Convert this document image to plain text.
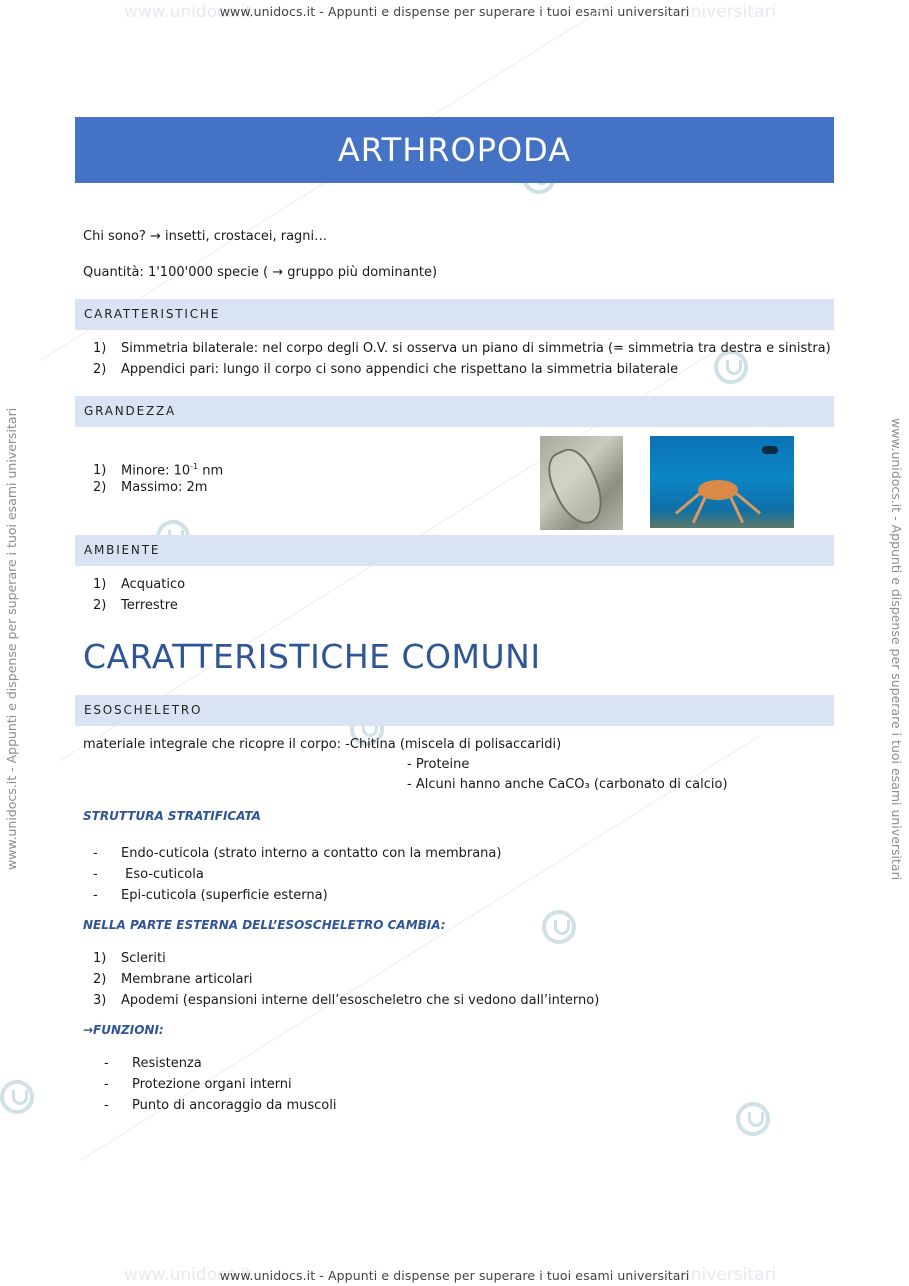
www.unidocs.it	universitari
www.unidocs.it - Appunti e dispense per superare i tuoi esami universitari
www.unidocs.it	universitari
www.unidocs.it - Appunti e dispense per superare i tuoi esami universitari
www.unidocs.it - Appunti e dispense per superare i tuoi esami universitari	www.unidocs.it - Appunti e dispense per superare i tuoi esami universitari
ARTHROPODA
Chi sono? → insetti, crostacei, ragni…
Quantità: 1'100'000 specie ( → gruppo più dominante)
CARATTERISTICHE
1) Simmetria bilaterale: nel corpo degli O.V. si osserva un piano di simmetria (= simmetria tra destra e sinistra)
2) Appendici pari: lungo il corpo ci sono appendici che rispettano la simmetria bilaterale
GRANDEZZA
1) Minore: $10^{-1}$ nm
2) Massimo: 2m
AMBIENTE
1) Acquatico
2) Terrestre
CARATTERISTICHE COMUNI
ESOSCHELETRO
materiale integrale che ricopre il corpo: -Chitina (miscela di polisaccaridi)
- Proteine
- Alcuni hanno anche CaCO₃ (carbonato di calcio)
STRUTTURA STRATIFICATA
- Endo-cuticola (strato interno a contatto con la membrana)
- Eso-cuticola
- Epi-cuticola (superficie esterna)
NELLA PARTE ESTERNA DELL’ESOSCHELETRO CAMBIA:
1) Scleriti
2) Membrane articolari
3) Apodemi (espansioni interne dell’esoscheletro che si vedono dall’interno)
→FUNZIONI:
- Resistenza
- Protezione organi interni
- Punto di ancoraggio da muscoli
